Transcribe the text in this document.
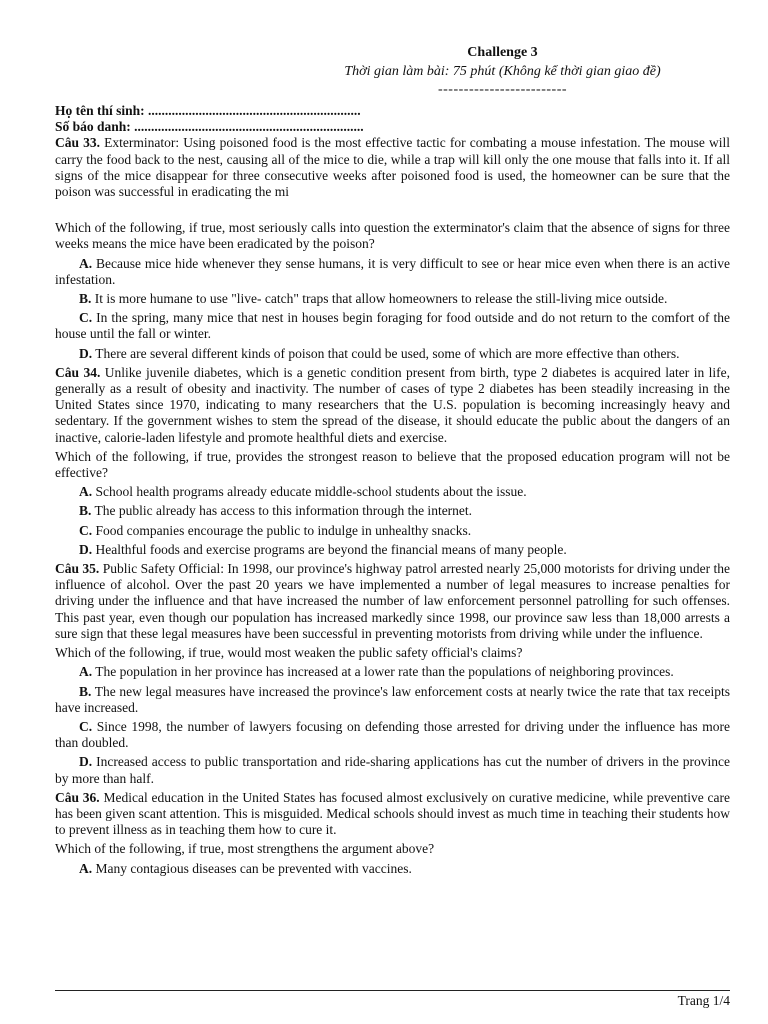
Challenge 3
Thời gian làm bài: 75 phút (Không kể thời gian giao đề)
-------------------------

Họ tên thí sinh: ...............................................................

Số báo danh: ....................................................................

Câu 33. Exterminator: Using poisoned food is the most effective tactic for combating a mouse infestation. The mouse will carry the food back to the nest, causing all of the mice to die, while a trap will kill only the one mouse that falls into it. If all signs of the mice disappear for three consecutive weeks after poisoned food is used, the homeowner can be sure that the poison was successful in eradicating the mi

Which of the following, if true, most seriously calls into question the exterminator's claim that the absence of signs for three weeks means the mice have been eradicated by the poison?

A. Because mice hide whenever they sense humans, it is very difficult to see or hear mice even when there is an active infestation.

B. It is more humane to use "live- catch" traps that allow homeowners to release the still-living mice outside.

C. In the spring, many mice that nest in houses begin foraging for food outside and do not return to the comfort of the house until the fall or winter.

D. There are several different kinds of poison that could be used, some of which are more effective than others.

Câu 34. Unlike juvenile diabetes, which is a genetic condition present from birth, type 2 diabetes is acquired later in life, generally as a result of obesity and inactivity. The number of cases of type 2 diabetes has been steadily increasing in the United States since 1970, indicating to many researchers that the U.S. population is becoming increasingly heavy and sedentary. If the government wishes to stem the spread of the disease, it should educate the public about the dangers of an inactive, calorie-laden lifestyle and promote healthful diets and exercise.

Which of the following, if true, provides the strongest reason to believe that the proposed education program will not be effective?

A. School health programs already educate middle-school students about the issue.

B. The public already has access to this information through the internet.

C. Food companies encourage the public to indulge in unhealthy snacks.

D. Healthful foods and exercise programs are beyond the financial means of many people.

Câu 35. Public Safety Official: In 1998, our province's highway patrol arrested nearly 25,000 motorists for driving under the influence of alcohol. Over the past 20 years we have implemented a number of legal measures to increase penalties for driving under the influence and that have increased the number of law enforcement personnel patrolling for such offenses. This past year, even though our population has increased markedly since 1998, our province saw less than 18,000 arrests a sure sign that these legal measures have been successful in preventing motorists from driving while under the influence.

Which of the following, if true, would most weaken the public safety official's claims?

A. The population in her province has increased at a lower rate than the populations of neighboring provinces.

B. The new legal measures have increased the province's law enforcement costs at nearly twice the rate that tax receipts have increased.

C. Since 1998, the number of lawyers focusing on defending those arrested for driving under the influence has more than doubled.

D. Increased access to public transportation and ride-sharing applications has cut the number of drivers in the province by more than half.

Câu 36. Medical education in the United States has focused almost exclusively on curative medicine, while preventive care has been given scant attention. This is misguided. Medical schools should invest as much time in teaching their students how to prevent illness as in teaching them how to cure it.

Which of the following, if true, most strengthens the argument above?

A. Many contagious diseases can be prevented with vaccines.

Trang 1/4
